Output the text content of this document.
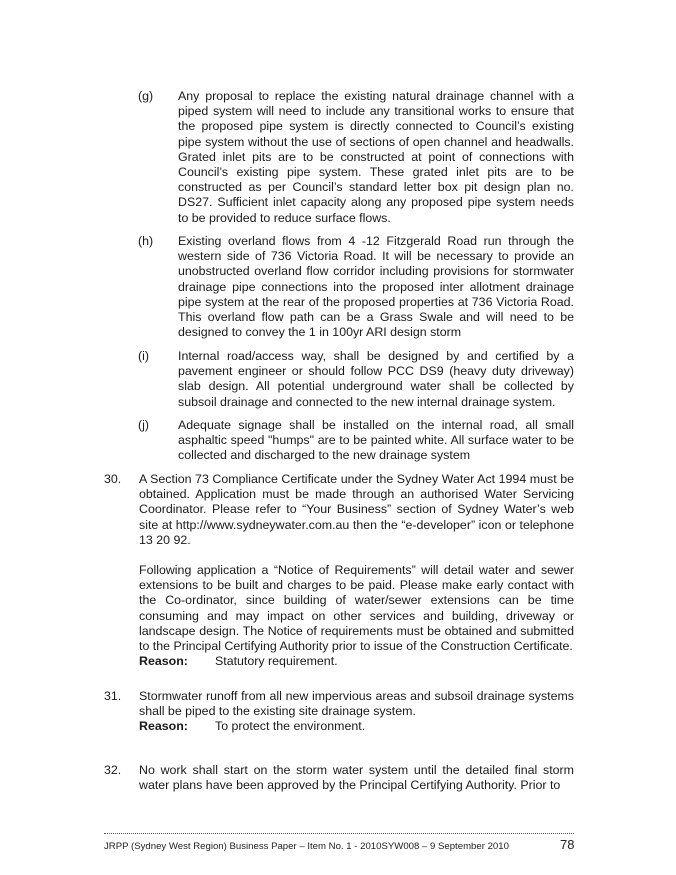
(g) Any proposal to replace the existing natural drainage channel with a piped system will need to include any transitional works to ensure that the proposed pipe system is directly connected to Council’s existing pipe system without the use of sections of open channel and headwalls. Grated inlet pits are to be constructed at point of connections with Council’s existing pipe system. These grated inlet pits are to be constructed as per Council’s standard letter box pit design plan no. DS27. Sufficient inlet capacity along any proposed pipe system needs to be provided to reduce surface flows.

(h) Existing overland flows from 4 -12 Fitzgerald Road run through the western side of 736 Victoria Road. It will be necessary to provide an unobstructed overland flow corridor including provisions for stormwater drainage pipe connections into the proposed inter allotment drainage pipe system at the rear of the proposed properties at 736 Victoria Road. This overland flow path can be a Grass Swale and will need to be designed to convey the 1 in 100yr ARI design storm

(i) Internal road/access way, shall be designed by and certified by a pavement engineer or should follow PCC DS9 (heavy duty driveway) slab design. All potential underground water shall be collected by subsoil drainage and connected to the new internal drainage system.

(j) Adequate signage shall be installed on the internal road, all small asphaltic speed "humps" are to be painted white. All surface water to be collected and discharged to the new drainage system

30. A Section 73 Compliance Certificate under the Sydney Water Act 1994 must be obtained. Application must be made through an authorised Water Servicing Coordinator. Please refer to “Your Business” section of Sydney Water’s web site at http://www.sydneywater.com.au then the “e-developer” icon or telephone 13 20 92.

Following application a “Notice of Requirements” will detail water and sewer extensions to be built and charges to be paid. Please make early contact with the Co-ordinator, since building of water/sewer extensions can be time consuming and may impact on other services and building, driveway or landscape design. The Notice of requirements must be obtained and submitted to the Principal Certifying Authority prior to issue of the Construction Certificate.

Reason: Statutory requirement.

31. Stormwater runoff from all new impervious areas and subsoil drainage systems shall be piped to the existing site drainage system.

Reason: To protect the environment.

32. No work shall start on the storm water system until the detailed final storm water plans have been approved by the Principal Certifying Authority. Prior to

JRPP (Sydney West Region) Business Paper – Item No. 1 - 2010SYW008 – 9 September 2010	78
